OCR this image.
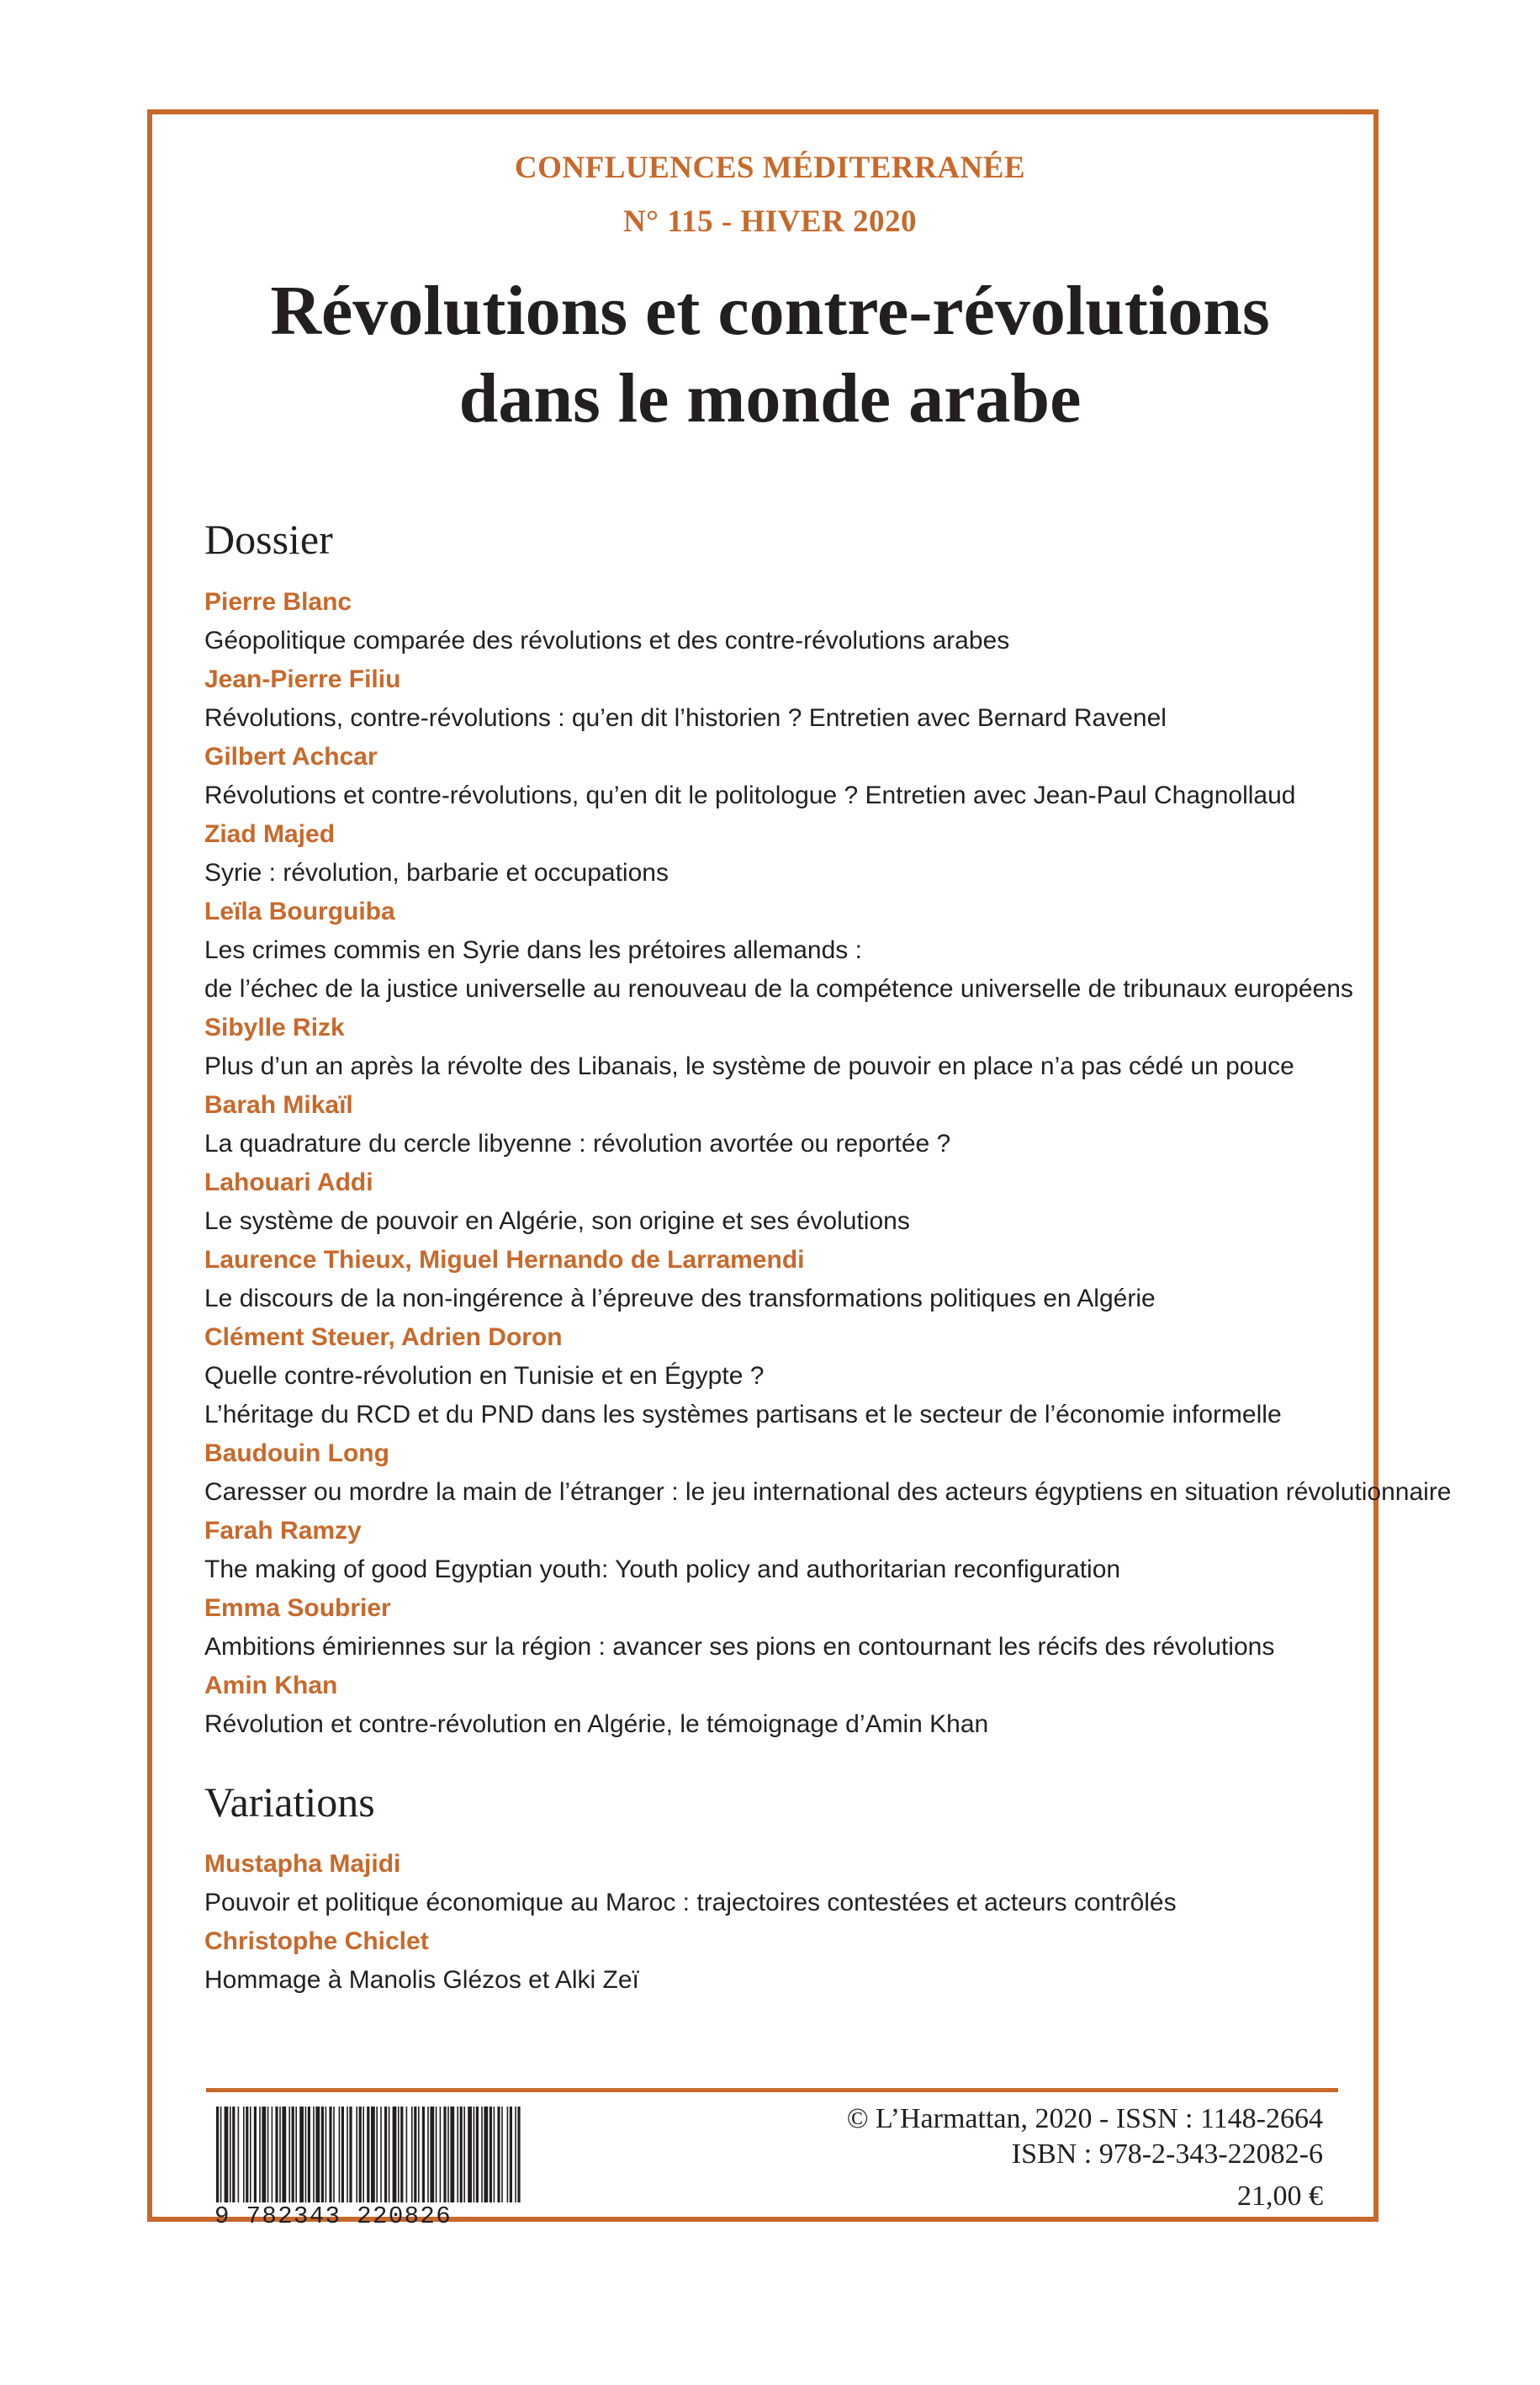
CONFLUENCES MÉDITERRANÉE
N° 115 - HIVER 2020
Révolutions et contre-révolutions
dans le monde arabe
Dossier
Pierre Blanc
Géopolitique comparée des révolutions et des contre-révolutions arabes
Jean-Pierre Filiu
Révolutions, contre-révolutions : qu’en dit l’historien ? Entretien avec Bernard Ravenel
Gilbert Achcar
Révolutions et contre-révolutions, qu’en dit le politologue ? Entretien avec Jean-Paul Chagnollaud
Ziad Majed
Syrie : révolution, barbarie et occupations
Leïla Bourguiba
Les crimes commis en Syrie dans les prétoires allemands :
de l’échec de la justice universelle au renouveau de la compétence universelle de tribunaux européens
Sibylle Rizk
Plus d’un an après la révolte des Libanais, le système de pouvoir en place n’a pas cédé un pouce
Barah Mikaïl
La quadrature du cercle libyenne : révolution avortée ou reportée ?
Lahouari Addi
Le système de pouvoir en Algérie, son origine et ses évolutions
Laurence Thieux, Miguel Hernando de Larramendi
Le discours de la non-ingérence à l’épreuve des transformations politiques en Algérie
Clément Steuer, Adrien Doron
Quelle contre-révolution en Tunisie et en Égypte ?
L’héritage du RCD et du PND dans les systèmes partisans et le secteur de l’économie informelle
Baudouin Long
Caresser ou mordre la main de l’étranger : le jeu international des acteurs égyptiens en situation révolutionnaire
Farah Ramzy
The making of good Egyptian youth: Youth policy and authoritarian reconfiguration
Emma Soubrier
Ambitions émiriennes sur la région : avancer ses pions en contournant les récifs des révolutions
Amin Khan
Révolution et contre-révolution en Algérie, le témoignage d’Amin Khan
Variations
Mustapha Majidi
Pouvoir et politique économique au Maroc : trajectoires contestées et acteurs contrôlés
Christophe Chiclet
Hommage à Manolis Glézos et Alki Zeï
9 782343 220826
© L’Harmattan, 2020 - ISSN : 1148-2664
ISBN : 978-2-343-22082-6
21,00 €
